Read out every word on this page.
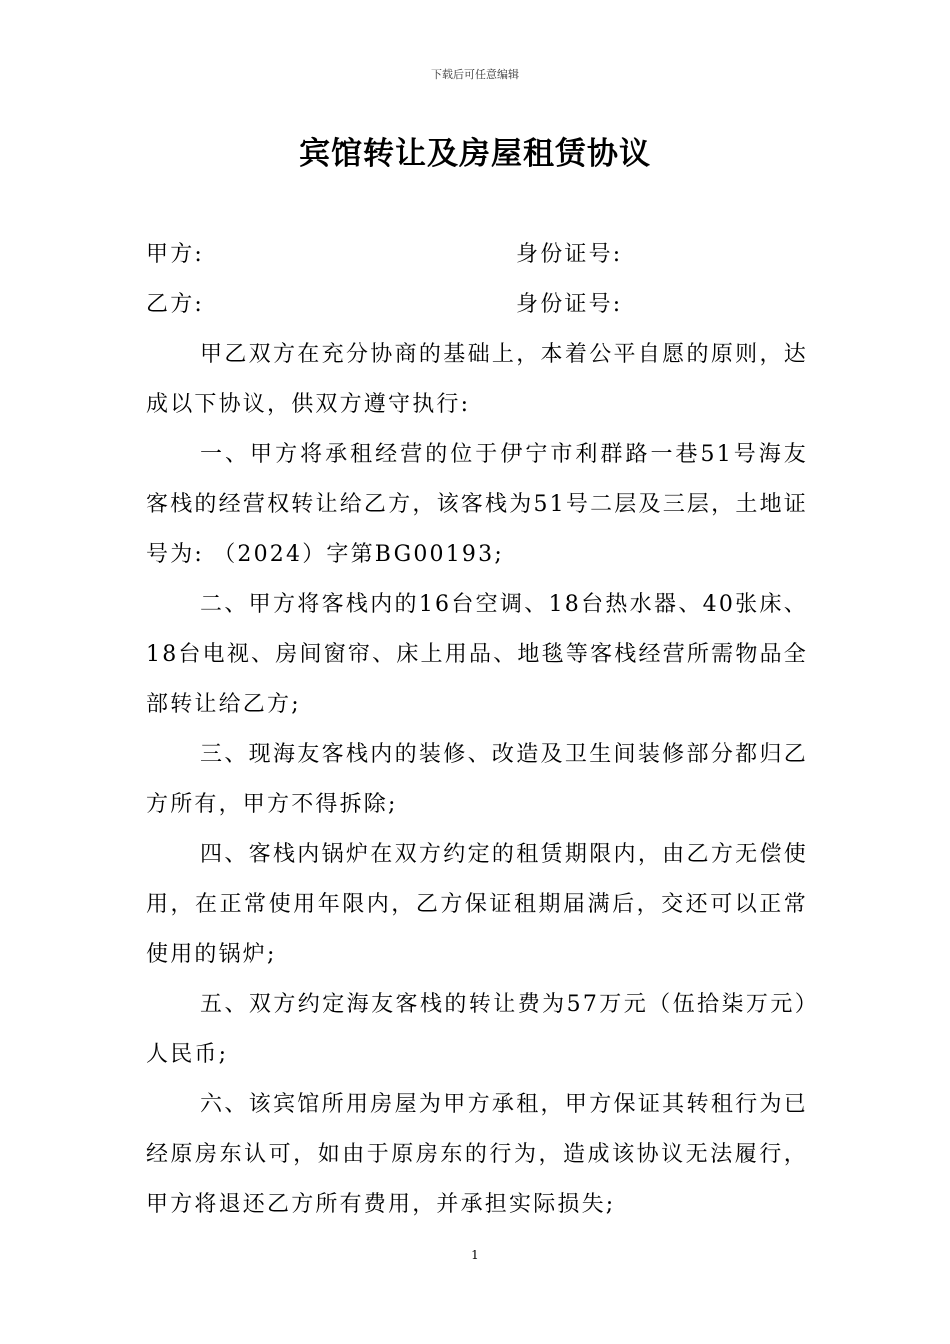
下载后可任意编辑
宾馆转让及房屋租赁协议
甲方:	身份证号:
乙方:	身份证号:

甲乙双方在充分协商的基础上，本着公平自愿的原则，达成以下协议，供双方遵守执行:

一、甲方将承租经营的位于伊宁市利群路一巷51号海友客栈的经营权转让给乙方，该客栈为51号二层及三层，土地证号为: （2024）字第BG00193;

二、甲方将客栈内的16台空调、18台热水器、40张床、18台电视、房间窗帘、床上用品、地毯等客栈经营所需物品全部转让给乙方;

三、现海友客栈内的装修、改造及卫生间装修部分都归乙方所有，甲方不得拆除;

四、客栈内锅炉在双方约定的租赁期限内，由乙方无偿使用，在正常使用年限内，乙方保证租期届满后，交还可以正常使用的锅炉;

五、双方约定海友客栈的转让费为57万元（伍拾柒万元）人民币;

六、该宾馆所用房屋为甲方承租，甲方保证其转租行为已经原房东认可，如由于原房东的行为，造成该协议无法履行，甲方将退还乙方所有费用，并承担实际损失;

1
